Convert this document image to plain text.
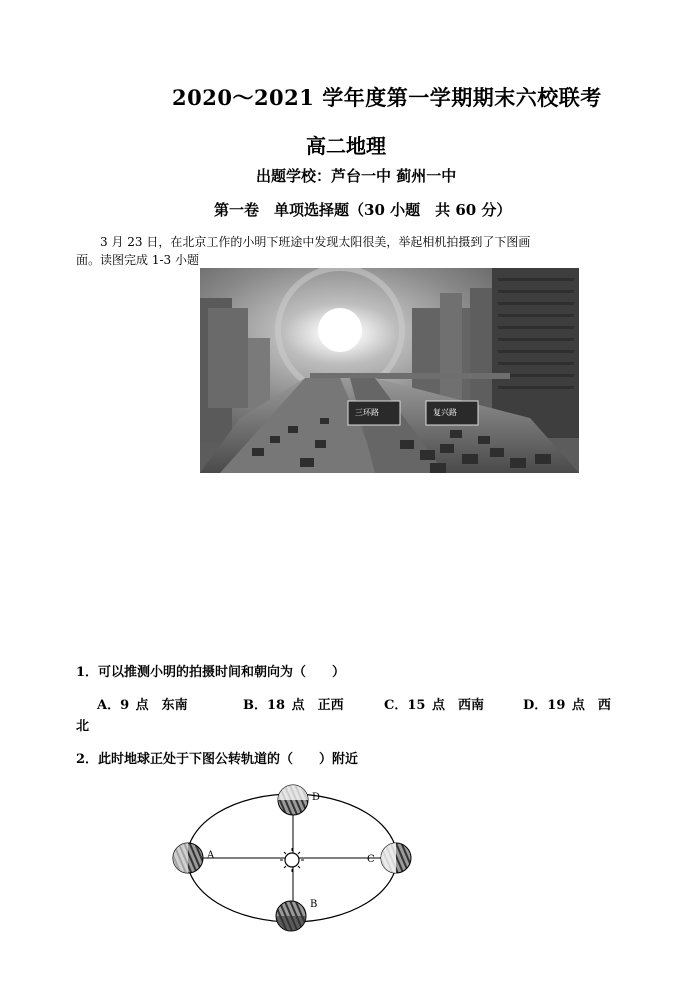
2020～2021 学年度第一学期期末六校联考
高二地理
出题学校：芦台一中 蓟州一中
第一卷　单项选择题（30 小题　共 60 分）
3 月 23 日，在北京工作的小明下班途中发现太阳很美，举起相机拍摄到了下图画
面。读图完成 1-3 小题
三环路	复兴路
1．可以推测小明的拍摄时间和朝向为（　　）
A．9 点　东南	B．18 点　正西	C．15 点　西南	D．19 点　西
北
2．此时地球正处于下图公转轨道的（　　）附近
A
B
C
D
